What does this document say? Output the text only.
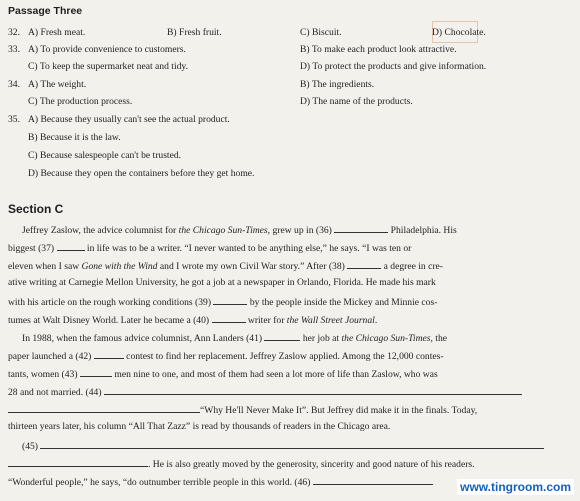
Passage Three
32. A) Fresh meat.	B) Fresh fruit.	C) Biscuit.	D) Chocolate.
33. A) To provide convenience to customers.	B) To make each product look attractive.
C) To keep the supermarket neat and tidy.	D) To protect the products and give information.
34. A) The weight.	B) The ingredients.
C) The production process.	D) The name of the products.
35. A) Because they usually can't see the actual product.
B) Because it is the law.
C) Because salespeople can't be trusted.
D) Because they open the containers before they get home.
Section C
Jeffrey Zaslow, the advice columnist for the Chicago Sun-Times, grew up in (36)	Philadelphia. His
biggest (37)	in life was to be a writer. “I never wanted to be anything else,” he says. “I was ten or
eleven when I saw Gone with the Wind and I wrote my own Civil War story.” After (38)	a degree in cre-
ative writing at Carnegie Mellon University, he got a job at a newspaper in Orlando, Florida. He made his mark
with his article on the rough working conditions (39)	by the people inside the Mickey and Minnie cos-
tumes at Walt Disney World. Later he became a (40)	writer for the Wall Street Journal.
In 1988, when the famous advice columnist, Ann Landers (41)	her job at the Chicago Sun-Times, the
paper launched a (42)	contest to find her replacement. Jeffrey Zaslow applied. Among the 12,000 contes-
tants, women (43)	men nine to one, and most of them had seen a lot more of life than Zaslow, who was
28 and not married. (44)
“Why He'll Never Make It”. But Jeffrey did make it in the finals. Today,
thirteen years later, his column “All That Zazz” is read by thousands of readers in the Chicago area.
(45)
. He is also greatly moved by the generosity, sincerity and good nature of his readers.
“Wonderful people,” he says, “do outnumber terrible people in this world. (46)	www.tingroom.com
